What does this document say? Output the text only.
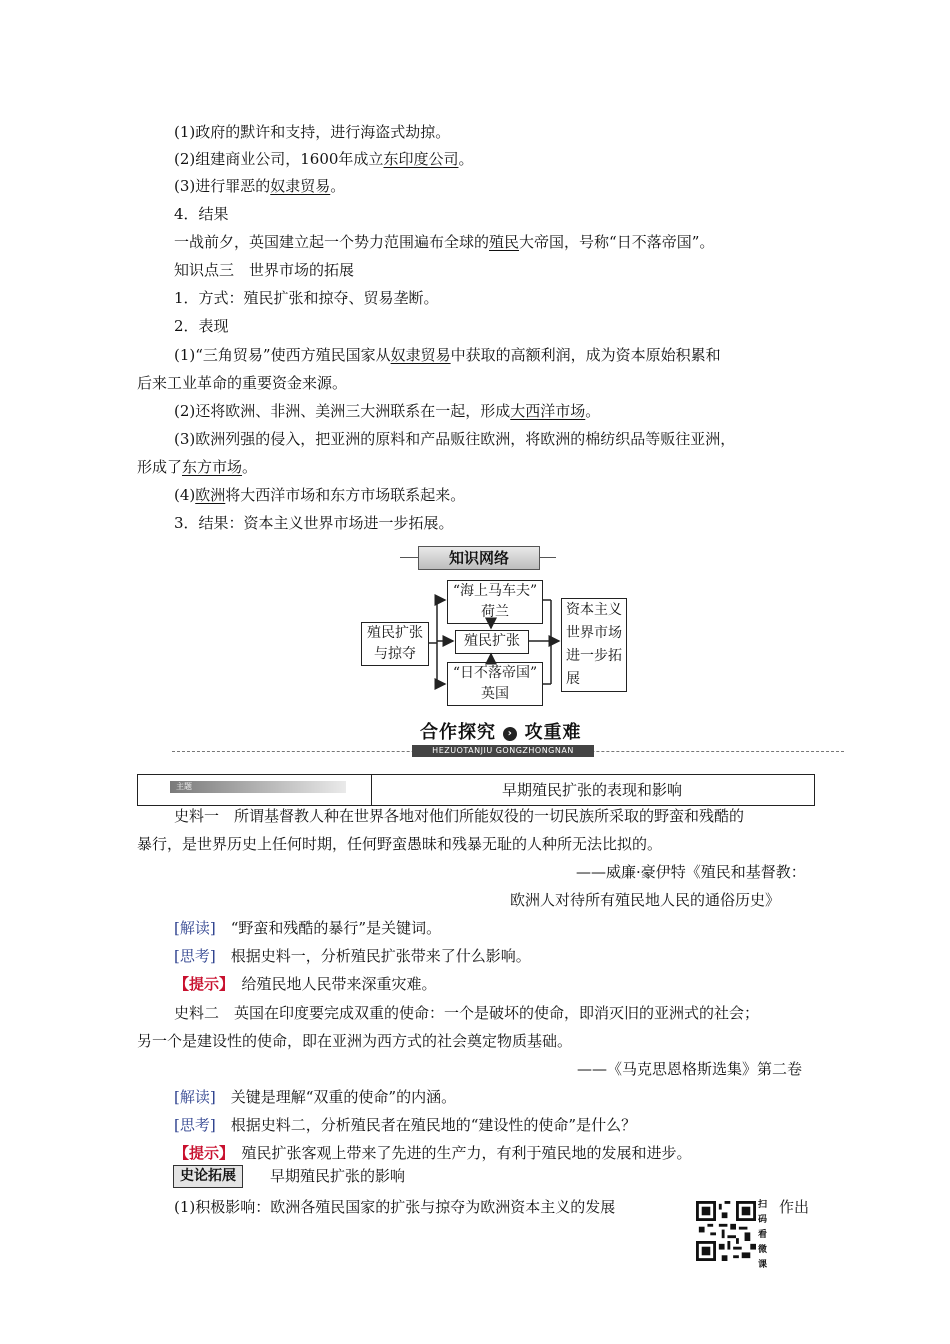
(1)政府的默许和支持，进行海盗式劫掠。
(2)组建商业公司，1600年成立东印度公司。
(3)进行罪恶的奴隶贸易。
4．结果
一战前夕，英国建立起一个势力范围遍布全球的殖民大帝国，号称“日不落帝国”。
知识点三　世界市场的拓展
1．方式：殖民扩张和掠夺、贸易垄断。
2．表现
(1)“三角贸易”使西方殖民国家从奴隶贸易中获取的高额利润，成为资本原始积累和
后来工业革命的重要资金来源。
(2)还将欧洲、非洲、美洲三大洲联系在一起，形成大西洋市场。
(3)欧洲列强的侵入，把亚洲的原料和产品贩往欧洲，将欧洲的棉纺织品等贩往亚洲，
形成了东方市场。
(4)欧洲将大西洋市场和东方市场联系起来。
3．结果：资本主义世界市场进一步拓展。
知识网络
殖民扩张
与掠夺
“海上马车夫”
荷兰
殖民扩张
“日不落帝国”
英国
资本主义
世界市场
进一步拓
展
合作探究 › 攻重难
HEZUOTANJIU GONGZHONGNAN
主题	早期殖民扩张的表现和影响
史料一　所谓基督教人种在世界各地对他们所能奴役的一切民族所采取的野蛮和残酷的
暴行，是世界历史上任何时期，任何野蛮愚昧和残暴无耻的人种所无法比拟的。
——威廉·豪伊特《殖民和基督教：
欧洲人对待所有殖民地人民的通俗历史》
[解读]　 “野蛮和残酷的暴行”是关键词。
[思考]　 根据史料一，分析殖民扩张带来了什么影响。
【提示】　 给殖民地人民带来深重灾难。
史料二　英国在印度要完成双重的使命：一个是破坏的使命，即消灭旧的亚洲式的社会；
另一个是建设性的使命，即在亚洲为西方式的社会奠定物质基础。
——《马克思恩格斯选集》第二卷
[解读]　 关键是理解“双重的使命”的内涵。
[思考]　 根据史料二，分析殖民者在殖民地的“建设性的使命”是什么？
【提示】　 殖民扩张客观上带来了先进的生产力，有利于殖民地的发展和进步。
史论拓展	早期殖民扩张的影响
(1)积极影响：欧洲各殖民国家的扩张与掠夺为欧洲资本主义的发展	作出
扫码看微课
